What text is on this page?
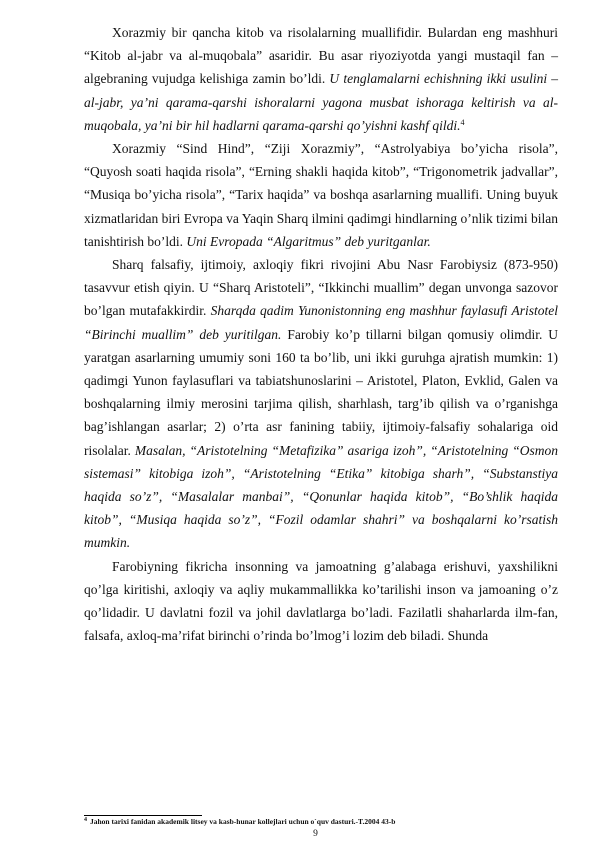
Xorazmiy bir qancha kitob va risolalarning muallifidir. Bulardan eng mashhuri “Kitob al-jabr va al-muqobala” asaridir. Bu asar riyoziyotda yangi mustaqil fan – algebraning vujudga kelishiga zamin bo’ldi. U tenglamalarni echishning ikki usulini – al-jabr, ya’ni qarama-qarshi ishoralarni yagona musbat ishoraga keltirish va al-muqobala, ya’ni bir hil hadlarni qarama-qarshi qo’yishni kashf qildi.$^4$

Xorazmiy “Sind Hind”, “Ziji Xorazmiy”, “Astrolyabiya bo’yicha risola”, “Quyosh soati haqida risola”, “Erning shakli haqida kitob”, “Trigonometrik jadvallar”, “Musiqa bo’yicha risola”, “Tarix haqida” va boshqa asarlarning muallifi. Uning buyuk xizmatlaridan biri Evropa va Yaqin Sharq ilmini qadimgi hindlarning o’nlik tizimi bilan tanishtirish bo’ldi. Uni Evropada “Algaritmus” deb yuritganlar.

Sharq falsafiy, ijtimoiy, axloqiy fikri rivojini Abu Nasr Farobiysiz (873-950) tasavvur etish qiyin. U “Sharq Aristoteli”, “Ikkinchi muallim” degan unvonga sazovor bo’lgan mutafakkirdir. Sharqda qadim Yunonistonning eng mashhur faylasufi Aristotel “Birinchi muallim” deb yuritilgan. Farobiy ko’p tillarni bilgan qomusiy olimdir. U yaratgan asarlarning umumiy soni 160 ta bo’lib, uni ikki guruhga ajratish mumkin: 1) qadimgi Yunon faylasuflari va tabiatshunoslarini – Aristotel, Platon, Evklid, Galen va boshqalarning ilmiy merosini tarjima qilish, sharhlash, targ’ib qilish va o’rganishga bag’ishlangan asarlar; 2) o’rta asr fanining tabiiy, ijtimoiy-falsafiy sohalariga oid risolalar. Masalan, “Aristotelning “Metafizika” asariga izoh”, “Aristotelning “Osmon sistemasi” kitobiga izoh”, “Aristotelning “Etika” kitobiga sharh”, “Substanstiya haqida so’z”, “Masalalar manbai”, “Qonunlar haqida kitob”, “Bo’shlik haqida kitob”, “Musiqa haqida so’z”, “Fozil odamlar shahri” va boshqalarni ko’rsatish mumkin.

Farobiyning fikricha insonning va jamoatning g’alabaga erishuvi, yaxshilikni qo’lga kiritishi, axloqiy va aqliy mukammallikka ko’tarilishi inson va jamoaning o’z qo’lidadir. U davlatni fozil va johil davlatlarga bo’ladi. Fazilatli shaharlarda ilm-fan, falsafa, axloq-ma’rifat birinchi o’rinda bo’lmog’i lozim deb biladi. Shunda

$^4$ Jahon tarixi fanidan akademik litsey va kasb-hunar kollejlari uchun o`quv dasturi.-T.2004 43-b
9
